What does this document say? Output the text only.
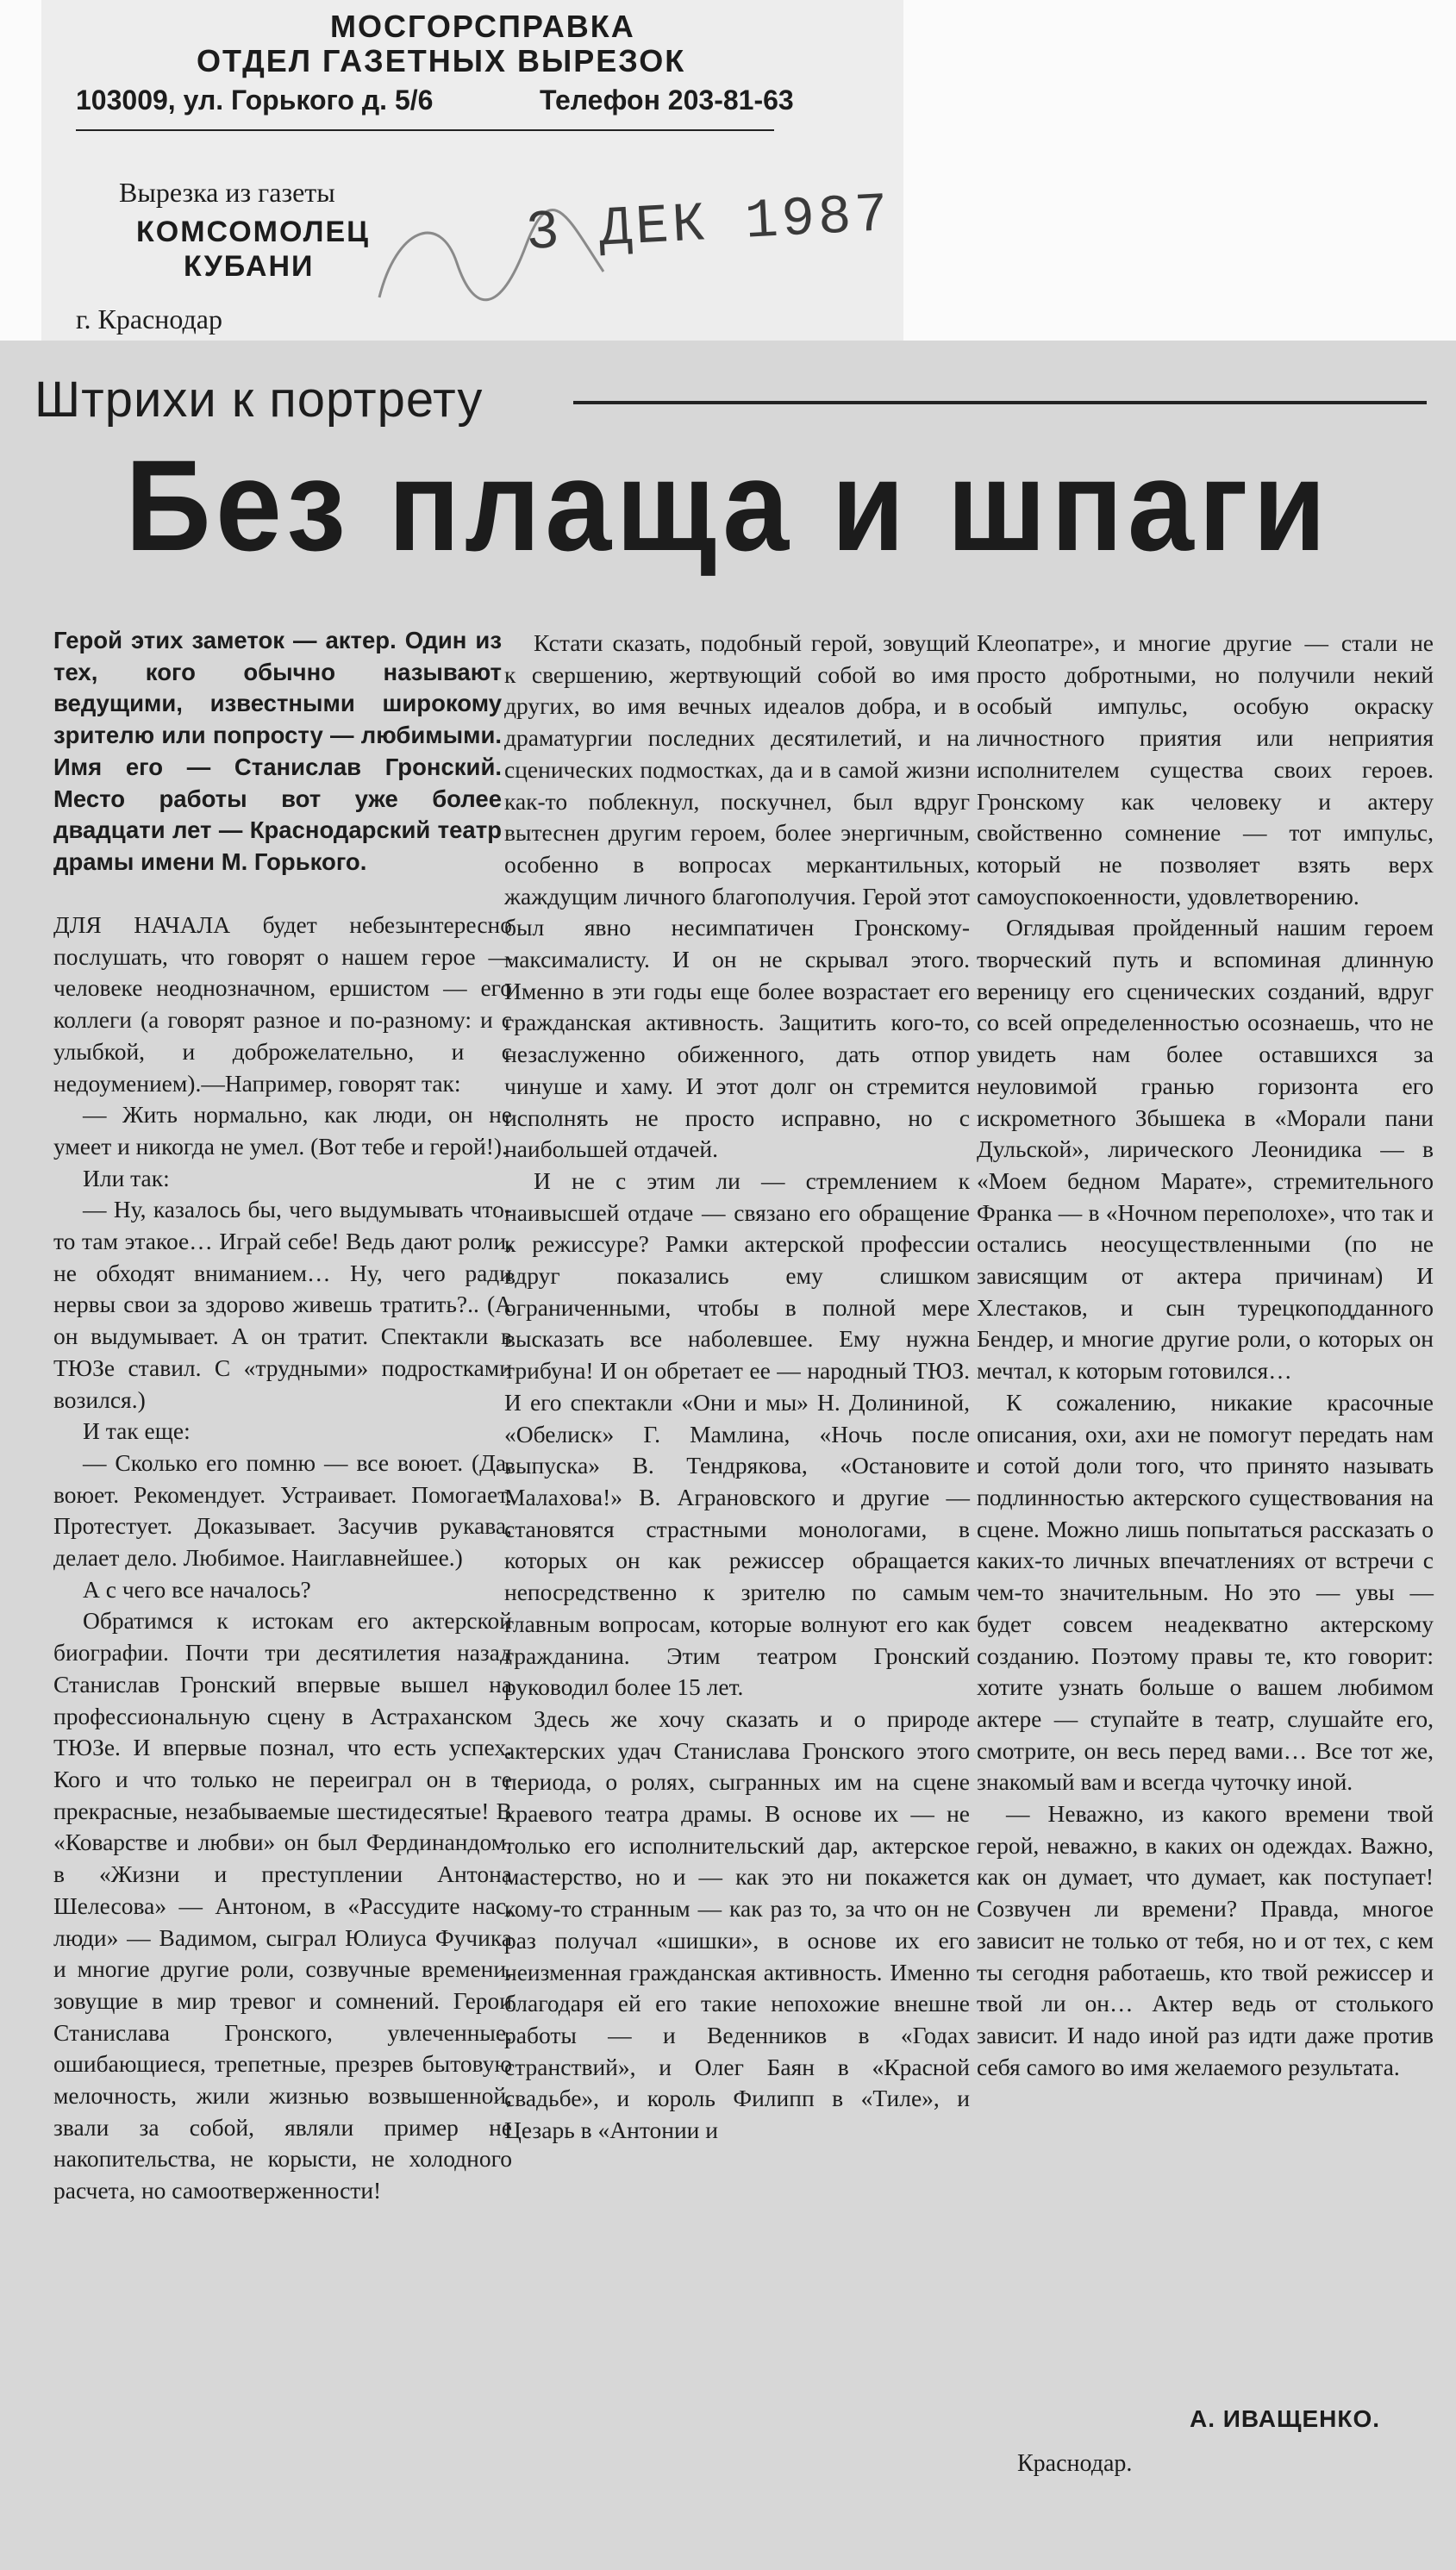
МОСГОРСПРАВКА
ОТДЕЛ ГАЗЕТНЫХ ВЫРЕЗОК
103009, ул. Горького д. 5/6	Телефон 203-81-63
Вырезка из газеты
КОМСОМОЛЕЦ
КУБАНИ
г. Краснодар
3 ДЕК 1987
Штрихи к портрету
Без плаща и шпаги

Герой этих заметок — актер. Один из тех, кого обычно называют ведущими, известными широкому зрителю или попросту — любимыми. Имя его — Станислав Гронский. Место работы вот уже более двадцати лет — Краснодарский театр драмы имени М. Горького.

ДЛЯ НАЧАЛА будет небезынтересно послушать, что говорят о нашем герое — человеке неоднозначном, ершистом — его коллеги (а говорят разное и по-разному: и с улыбкой, и доброжелательно, и с недоумением).—Например, говорят так:

— Жить нормально, как люди, он не умеет и никогда не умел. (Вот тебе и герой!).

Или так:

— Ну, казалось бы, чего выдумывать что-то там этакое… Играй себе! Ведь дают роли, не обходят вниманием… Ну, чего ради нервы свои за здорово живешь тратить?.. (А он выдумывает. А он тратит. Спектакли в ТЮЗе ставил. С «трудными» подростками возился.)

И так еще:

— Сколько его помню — все воюет. (Да, воюет. Рекомендует. Устраивает. Помогает. Протестует. Доказывает. Засучив рукава, делает дело. Любимое. Наиглавнейшее.)

А с чего все началось?

Обратимся к истокам его актерской биографии. Почти три десятилетия назад Станислав Гронский впервые вышел на профессиональную сцену в Астраханском ТЮЗе. И впервые познал, что есть успех. Кого и что только не переиграл он в те прекрасные, незабываемые шестидесятые! В «Коварстве и любви» он был Фердинандом, в «Жизни и преступлении Антона Шелесова» — Антоном, в «Рассудите нас, люди» — Вадимом, сыграл Юлиуса Фучика и многие другие роли, созвучные времени, зовущие в мир тревог и сомнений. Герои Станислава Гронского, увлеченные, ошибающиеся, трепетные, презрев бытовую мелочность, жили жизнью возвышенной, звали за собой, являли пример не накопительства, не корысти, не холодного расчета, но самоотверженности!

Кстати сказать, подобный герой, зовущий к свершению, жертвующий собой во имя других, во имя вечных идеалов добра, и в драматургии последних десятилетий, и на сценических подмостках, да и в самой жизни как-то поблекнул, поскучнел, был вдруг вытеснен другим героем, более энергичным, особенно в вопросах меркантильных, жаждущим личного благополучия. Герой этот был явно несимпатичен Гронскому-максималисту. И он не скрывал этого. Именно в эти годы еще более возрастает его гражданская активность. Защитить кого-то, незаслуженно обиженного, дать отпор чинуше и хаму. И этот долг он стремится исполнять не просто исправно, но с наибольшей отдачей.

И не с этим ли — стремлением к наивысшей отдаче — связано его обращение к режиссуре? Рамки актерской профессии вдруг показались ему слишком ограниченными, чтобы в полной мере высказать все наболевшее. Ему нужна трибуна! И он обретает ее — народный ТЮЗ. И его спектакли «Они и мы» Н. Долининой, «Обелиск» Г. Мамлина, «Ночь после выпуска» В. Тендрякова, «Остановите Малахова!» В. Аграновского и другие — становятся страстными монологами, в которых он как режиссер обращается непосредственно к зрителю по самым главным вопросам, которые волнуют его как гражданина. Этим театром Гронский руководил более 15 лет.

Здесь же хочу сказать и о природе актерских удач Станислава Гронского этого периода, о ролях, сыгранных им на сцене краевого театра драмы. В основе их — не только его исполнительский дар, актерское мастерство, но и — как это ни покажется кому-то странным — как раз то, за что он не раз получал «шишки», в основе их его неизменная гражданская активность. Именно благодаря ей его такие непохожие внешне работы — и Веденников в «Годах странствий», и Олег Баян в «Красной свадьбе», и король Филипп в «Тиле», и Цезарь в «Антонии и

Клеопатре», и многие другие — стали не просто добротными, но получили некий особый импульс, особую окраску личностного приятия или неприятия исполнителем существа своих героев. Гронскому как человеку и актеру свойственно сомнение — тот импульс, который не позволяет взять верх самоуспокоенности, удовлетворению.

Оглядывая пройденный нашим героем творческий путь и вспоминая длинную вереницу его сценических созданий, вдруг со всей определенностью осознаешь, что не увидеть нам более оставшихся за неуловимой гранью горизонта его искрометного Збышека в «Морали пани Дульской», лирического Леонидика — в «Моем бедном Марате», стремительного Франка — в «Ночном переполохе», что так и остались неосуществленными (по не зависящим от актера причинам) И Хлестаков, и сын турецкоподданного Бендер, и многие другие роли, о которых он мечтал, к которым готовился…

К сожалению, никакие красочные описания, охи, ахи не помогут передать нам и сотой доли того, что принято называть подлинностью актерского существования на сцене. Можно лишь попытаться рассказать о каких-то личных впечатлениях от встречи с чем-то значительным. Но это — увы — будет совсем неадекватно актерскому созданию. Поэтому правы те, кто говорит: хотите узнать больше о вашем любимом актере — ступайте в театр, слушайте его, смотрите, он весь перед вами… Все тот же, знакомый вам и всегда чуточку иной.

— Неважно, из какого времени твой герой, неважно, в каких он одеждах. Важно, как он думает, что думает, как поступает! Созвучен ли времени? Правда, многое зависит не только от тебя, но и от тех, с кем ты сегодня работаешь, кто твой режиссер и твой ли он… Актер ведь от столького зависит. И надо иной раз идти даже против себя самого во имя желаемого результата.

А. ИВАЩЕНКО.
Краснодар.
